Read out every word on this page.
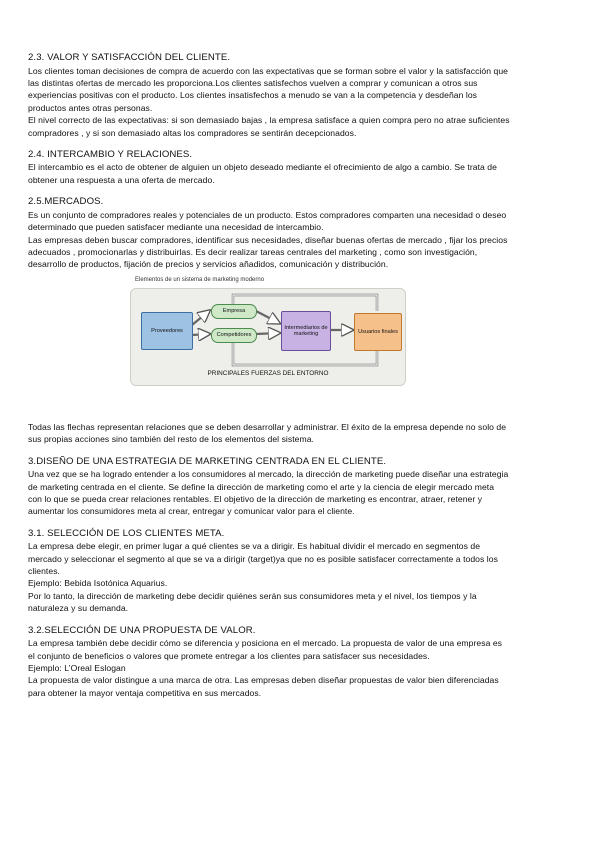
2.3. VALOR Y SATISFACCIÓN DEL CLIENTE.

Los clientes toman decisiones de compra de acuerdo con las expectativas que se forman sobre el valor y la satisfacción que

las distintas ofertas de mercado les proporciona.Los clientes satisfechos vuelven a comprar y comunican a otros sus

experiencias positivas con el producto. Los clientes insatisfechos a menudo se van a la competencia y desdeñan los

productos antes otras personas.

El nivel correcto de las expectativas: si son demasiado bajas , la empresa satisface a quien compra pero no atrae suficientes

compradores , y si son demasiado altas los compradores se sentirán decepcionados.

2.4. INTERCAMBIO Y RELACIONES.

El intercambio es el acto de obtener de alguien un objeto deseado mediante el ofrecimiento de algo a cambio. Se trata de

obtener una respuesta a una oferta de mercado.

2.5.MERCADOS.

Es un conjunto de compradores reales y potenciales de un producto. Estos compradores comparten una necesidad o deseo

determinado que pueden satisfacer mediante una necesidad de intercambio.

Las empresas deben buscar compradores, identificar sus necesidades, diseñar buenas ofertas de mercado , fijar los precios

adecuados , promocionarlas y distribuirlas. Es decir realizar tareas centrales del marketing , como son investigación,

desarrollo de productos, fijación de precios y servicios añadidos, comunicación y distribución.

Elementos de un sistema de marketing moderno
Proveedores
Empresa
Competidores
Intermediarios de marketing	Usuarios finales
PRINCIPALES FUERZAS DEL ENTORNO

Todas las flechas representan relaciones que se deben desarrollar y administrar. El éxito de la empresa depende no solo de

sus propias acciones sino también del resto de los elementos del sistema.

3.DISEÑO DE UNA ESTRATEGIA DE MARKETING CENTRADA EN EL CLIENTE.

Una vez que se ha logrado entender a los consumidores al mercado, la dirección de marketing puede diseñar una estrategia

de marketing centrada en el cliente. Se define la dirección de marketing como el arte y la ciencia de elegir mercado meta

con lo que se pueda crear relaciones rentables. El objetivo de la dirección de marketing es encontrar, atraer, retener y

aumentar los consumidores meta al crear, entregar y comunicar valor para el cliente.

3.1. SELECCIÓN DE LOS CLIENTES META.

La empresa debe elegir, en primer lugar a qué clientes se va a dirigir. Es habitual dividir el mercado en segmentos de

mercado y seleccionar el segmento al que se va a dirigir (target)ya que no es posible satisfacer correctamente a todos los

clientes.

Ejemplo: Bebida Isotónica Aquarius.

Por lo tanto, la dirección de marketing debe decidir quiénes serán sus consumidores meta y el nivel, los tiempos y la

naturaleza y su demanda.

3.2.SELECCIÓN DE UNA PROPUESTA DE VALOR.

La empresa también debe decidir cómo se diferencia y posiciona en el mercado. La propuesta de valor de una empresa es

el conjunto de beneficios o valores que promete entregar a los clientes para satisfacer sus necesidades.

Ejemplo: L’Oreal Eslogan

La propuesta de valor distingue a una marca de otra. Las empresas deben diseñar propuestas de valor bien diferenciadas

para obtener la mayor ventaja competitiva en sus mercados.
